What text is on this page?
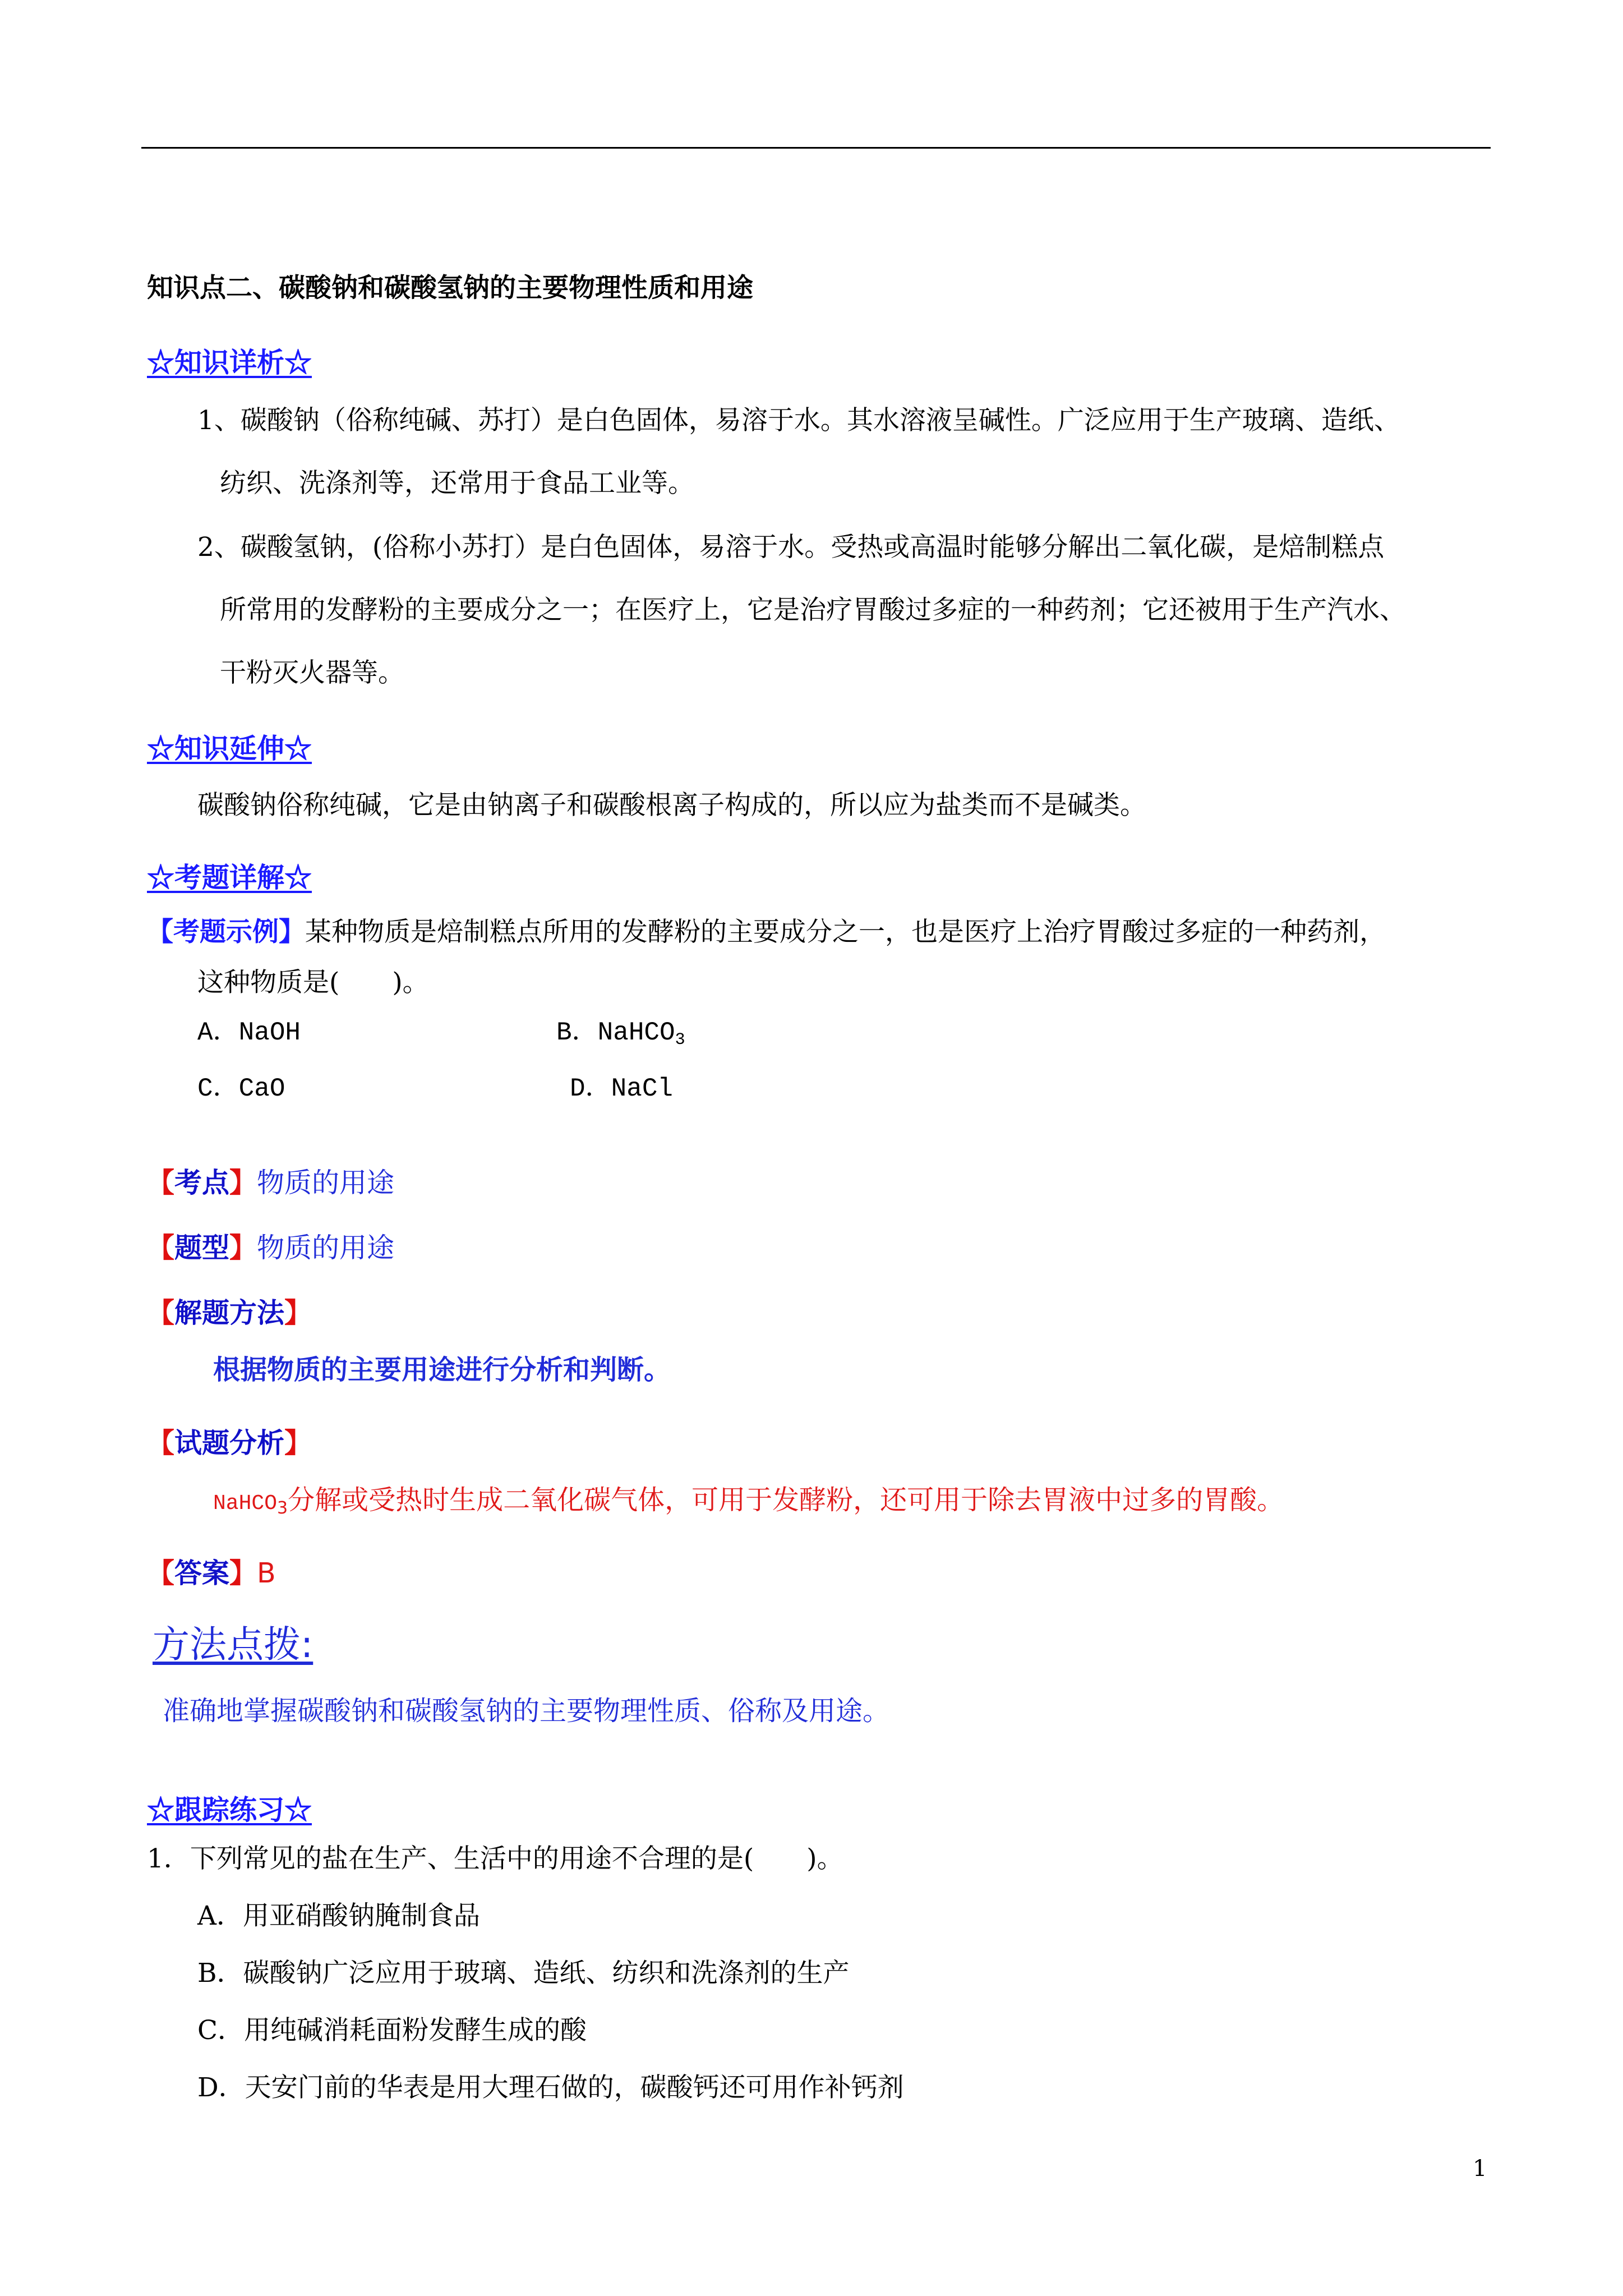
知识点二、碳酸钠和碳酸氢钠的主要物理性质和用途
☆知识详析☆
1、碳酸钠（俗称纯碱、苏打）是白色固体，易溶于水。其水溶液呈碱性。广泛应用于生产玻璃、造纸、
纺织、洗涤剂等，还常用于食品工业等。
2、碳酸氢钠，(俗称小苏打）是白色固体，易溶于水。受热或高温时能够分解出二氧化碳，是焙制糕点
所常用的发酵粉的主要成分之一；在医疗上，它是治疗胃酸过多症的一种药剂；它还被用于生产汽水、
干粉灭火器等。
☆知识延伸☆
碳酸钠俗称纯碱，它是由钠离子和碳酸根离子构成的，所以应为盐类而不是碱类。
☆考题详解☆
【考题示例】某种物质是焙制糕点所用的发酵粉的主要成分之一，也是医疗上治疗胃酸过多症的一种药剂，
这种物质是(　　)。
A．NaOH	B．NaHCO$_3$
C．CaO	D．NaCl
【考点】物质的用途
【题型】物质的用途
【解题方法】
根据物质的主要用途进行分析和判断。
【试题分析】
NaHCO$_3$分解或受热时生成二氧化碳气体，可用于发酵粉，还可用于除去胃液中过多的胃酸。
【答案】B
方法点拨:
准确地掌握碳酸钠和碳酸氢钠的主要物理性质、俗称及用途。
☆跟踪练习☆
1．下列常见的盐在生产、生活中的用途不合理的是(　　)。
A．用亚硝酸钠腌制食品
B．碳酸钠广泛应用于玻璃、造纸、纺织和洗涤剂的生产
C．用纯碱消耗面粉发酵生成的酸
D．天安门前的华表是用大理石做的，碳酸钙还可用作补钙剂
1
